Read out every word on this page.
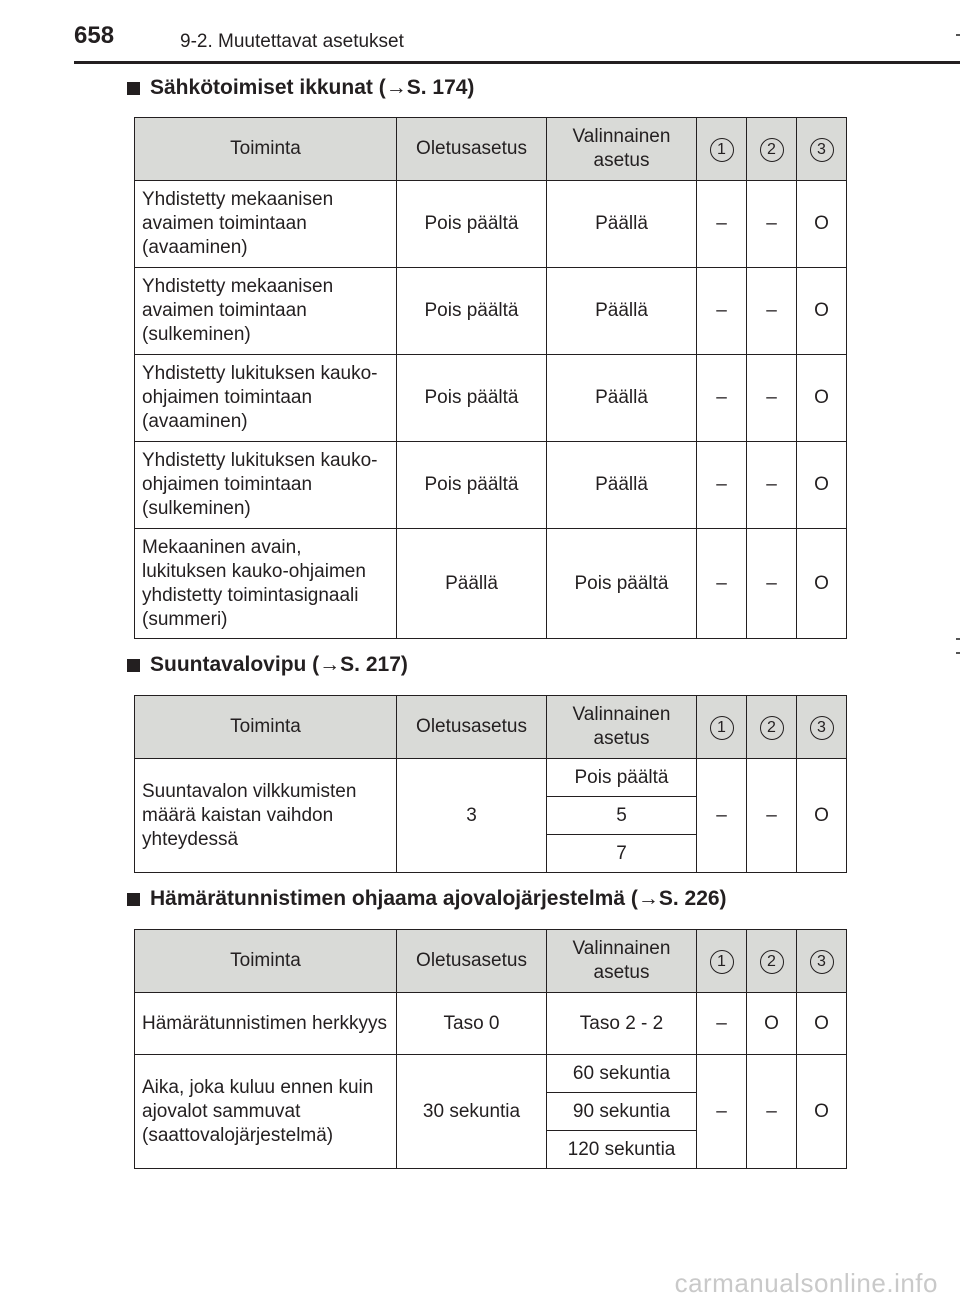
658	9-2. Muutettavat asetukset
Sähkötoimiset ikkunat (→S. 174)
Toiminta	Oletusasetus	Valinnainen asetus	1	2	3
Yhdistetty mekaanisen avaimen toimintaan (avaaminen)	Pois päältä	Päällä	–	–	O
Yhdistetty mekaanisen avaimen toimintaan (sulkeminen)	Pois päältä	Päällä	–	–	O
Yhdistetty lukituksen kauko-ohjaimen toimintaan (avaaminen)	Pois päältä	Päällä	–	–	O
Yhdistetty lukituksen kauko-ohjaimen toimintaan (sulkeminen)	Pois päältä	Päällä	–	–	O
Mekaaninen avain, lukituksen kauko-ohjaimen yhdistetty toimintasignaali (summeri)	Päällä	Pois päältä	–	–	O
Suuntavalovipu (→S. 217)
Toiminta	Oletusasetus	Valinnainen asetus	1	2	3
Suuntavalon vilkkumisten määrä kaistan vaihdon yhteydessä	3	Pois päältä	–	–	O
		5			
		7			
Hämärätunnistimen ohjaama ajovalojärjestelmä (→S. 226)
Toiminta	Oletusasetus	Valinnainen asetus	1	2	3
Hämärätunnistimen herkkyys	Taso 0	Taso 2 - 2	–	O	O
Aika, joka kuluu ennen kuin ajovalot sammuvat (saattovalojärjestelmä)	30 sekuntia	60 sekuntia	–	–	O
		90 sekuntia			
		120 sekuntia			
carmanualsonline.info
